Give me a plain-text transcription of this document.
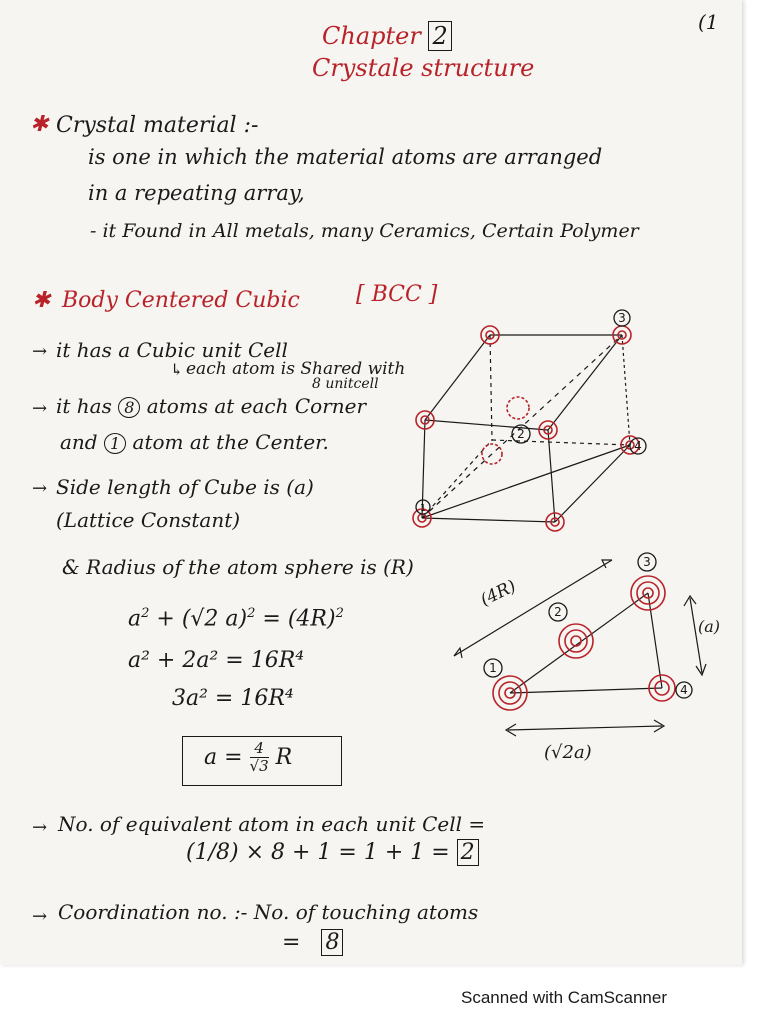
(1
Chapter 2
Crystale structure
✱ Crystal material :-
is one in which the material atoms are arranged
in a repeating array,
- it Found in All metals, many Ceramics, Certain Polymer
✱ Body Centered Cubic	[ BCC ]
→ it has a Cubic unit Cell
↳ each atom is Shared with
8 unitcell
→ it has 8 atoms at each Corner
and 1 atom at the Center.
→ Side length of Cube is (a)
(Lattice Constant)
& Radius of the atom sphere is (R)
3
2
4
1
$a^2 + (√2$ $a)^2 = (4R)^2$
a² + 2a² = 16R⁴
3a² = 16R⁴
$a = \frac{4}{√3}$ R
3
2
1
4
(4R)
(a)
(√2a)
→ No. of equivalent atom in each unit Cell =
(1/8) × 8 + 1 = 1 + 1 = 2
→ Coordination no. :- No. of touching atoms
= 8
Scanned with CamScanner
